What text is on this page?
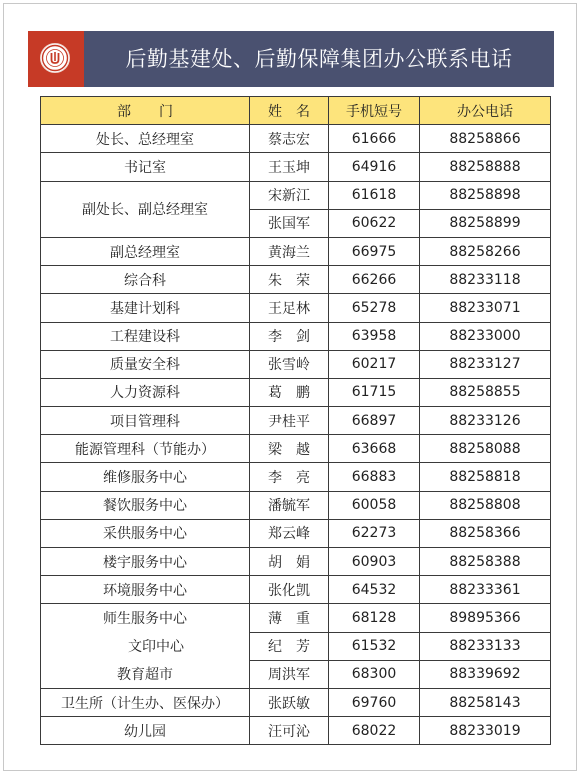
后勤基建处、后勤保障集团办公联系电话
部　　门	姓　名	手机短号	办公电话
处长、总经理室	蔡志宏	61666	88258866
书记室	王玉坤	64916	88258888
副处长、副总经理室	宋新江	61618	88258898
	张国军	60622	88258899
副总经理室	黄海兰	66975	88258266
综合科	朱　荣	66266	88233118
基建计划科	王足林	65278	88233071
工程建设科	李　剑	63958	88233000
质量安全科	张雪岭	60217	88233127
人力资源科	葛　鹏	61715	88258855
项目管理科	尹桂平	66897	88233126
能源管理科（节能办）	梁　越	63668	88258088
维修服务中心	李　亮	66883	88258818
餐饮服务中心	潘毓军	60058	88258808
采供服务中心	郑云峰	62273	88258366
楼宇服务中心	胡　娟	60903	88258388
环境服务中心	张化凯	64532	88233361
师生服务中心	薄　重	68128	89895366
文印中心	纪　芳	61532	88233133
教育超市	周洪军	68300	88339692
卫生所（计生办、医保办）	张跃敏	69760	88258143
幼儿园	汪可沁	68022	88233019
